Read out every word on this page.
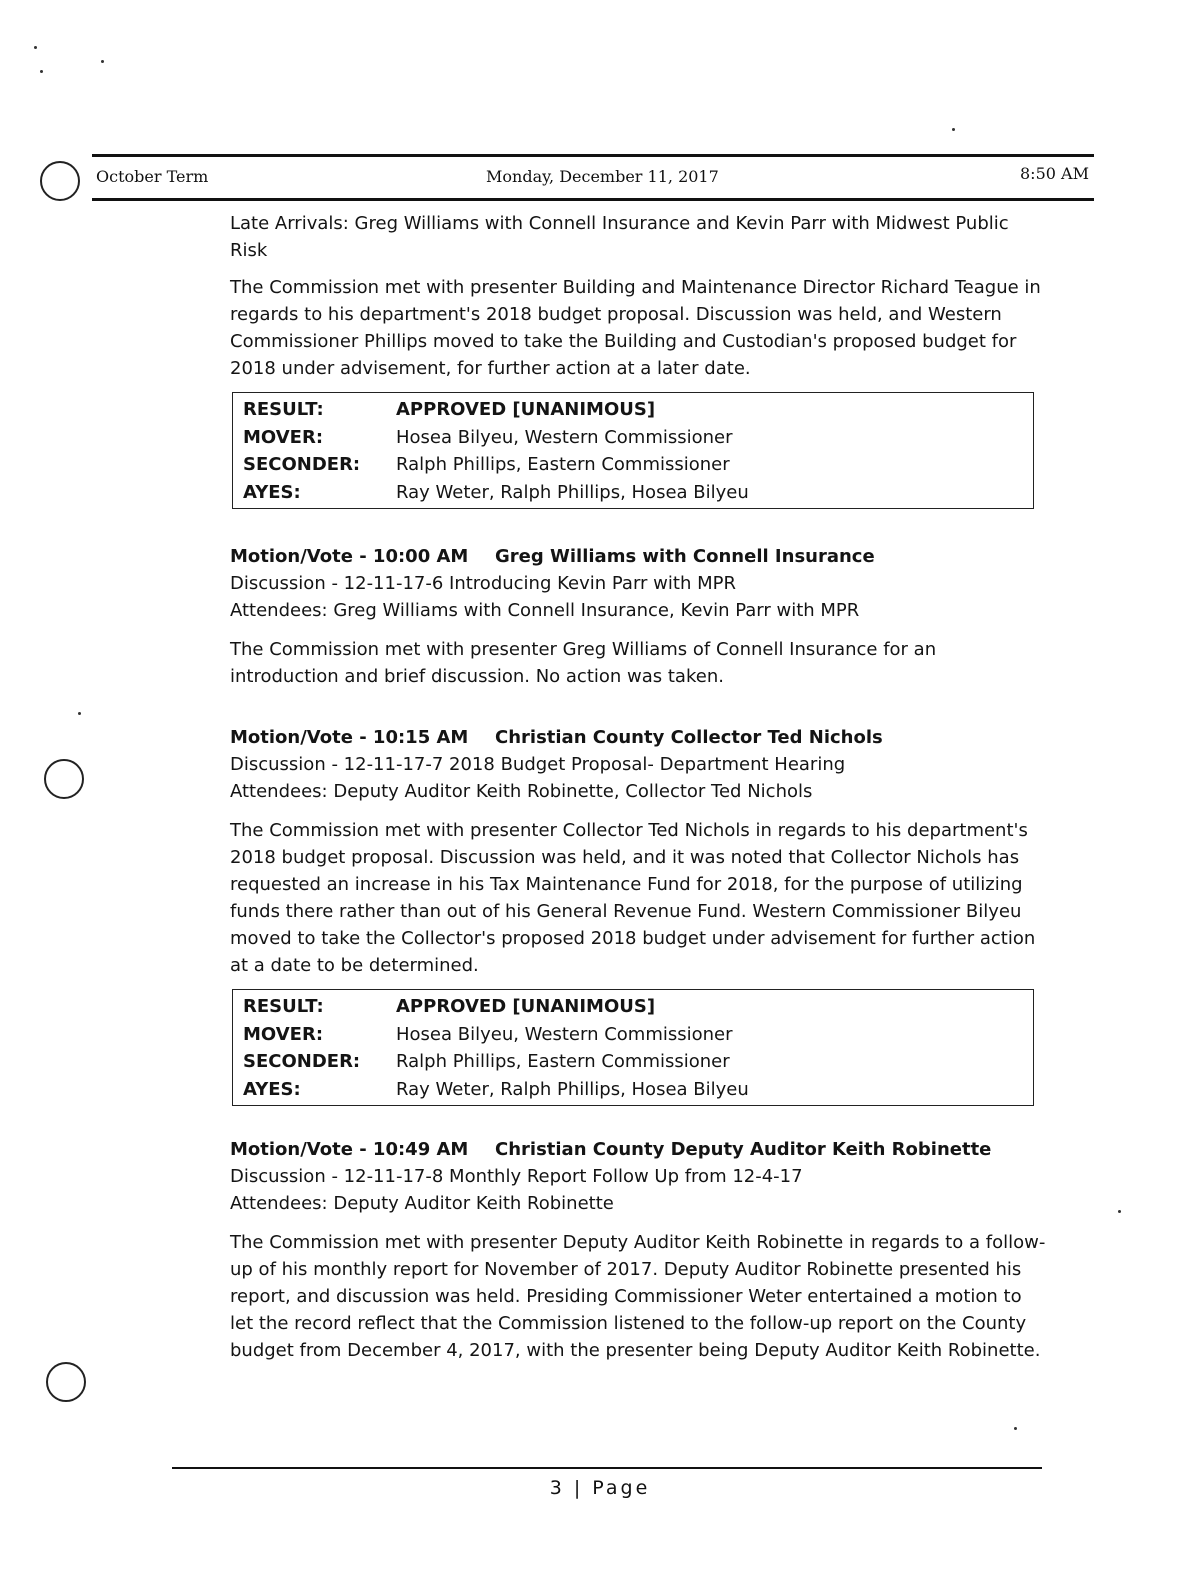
October Term	Monday, December 11, 2017	8:50 AM

Late Arrivals: Greg Williams with Connell Insurance and Kevin Parr with Midwest Public Risk

The Commission met with presenter Building and Maintenance Director Richard Teague in regards to his department's 2018 budget proposal. Discussion was held, and Western Commissioner Phillips moved to take the Building and Custodian's proposed budget for 2018 under advisement, for further action at a later date.

RESULT:	APPROVED [UNANIMOUS]
MOVER:	Hosea Bilyeu, Western Commissioner
SECONDER:	Ralph Phillips, Eastern Commissioner
AYES:	Ray Weter, Ralph Phillips, Hosea Bilyeu
Motion/Vote - 10:00 AM Greg Williams with Connell Insurance
Discussion - 12-11-17-6 Introducing Kevin Parr with MPR
Attendees: Greg Williams with Connell Insurance, Kevin Parr with MPR

The Commission met with presenter Greg Williams of Connell Insurance for an introduction and brief discussion. No action was taken.

Motion/Vote - 10:15 AM Christian County Collector Ted Nichols
Discussion - 12-11-17-7 2018 Budget Proposal- Department Hearing
Attendees: Deputy Auditor Keith Robinette, Collector Ted Nichols

The Commission met with presenter Collector Ted Nichols in regards to his department's 2018 budget proposal. Discussion was held, and it was noted that Collector Nichols has requested an increase in his Tax Maintenance Fund for 2018, for the purpose of utilizing funds there rather than out of his General Revenue Fund. Western Commissioner Bilyeu moved to take the Collector's proposed 2018 budget under advisement for further action at a date to be determined.

RESULT:	APPROVED [UNANIMOUS]
MOVER:	Hosea Bilyeu, Western Commissioner
SECONDER:	Ralph Phillips, Eastern Commissioner
AYES:	Ray Weter, Ralph Phillips, Hosea Bilyeu
Motion/Vote - 10:49 AM Christian County Deputy Auditor Keith Robinette
Discussion - 12-11-17-8 Monthly Report Follow Up from 12-4-17
Attendees: Deputy Auditor Keith Robinette

The Commission met with presenter Deputy Auditor Keith Robinette in regards to a follow-up of his monthly report for November of 2017. Deputy Auditor Robinette presented his report, and discussion was held. Presiding Commissioner Weter entertained a motion to let the record reflect that the Commission listened to the follow-up report on the County budget from December 4, 2017, with the presenter being Deputy Auditor Keith Robinette.

3 | Page
